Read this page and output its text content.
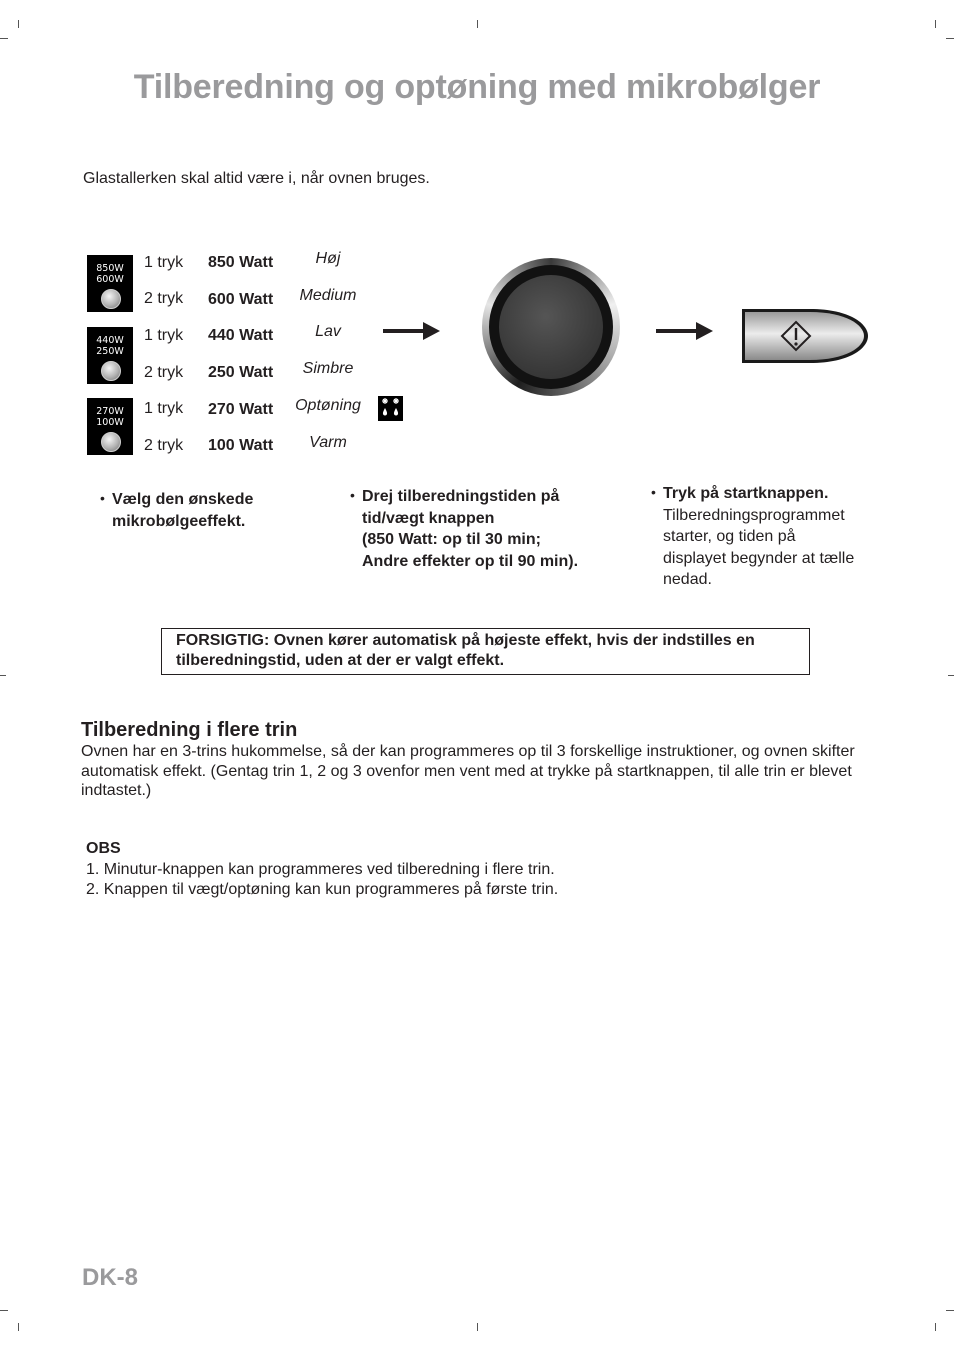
Tilberedning og optøning med mikrobølger
Glastallerken skal altid være i, når ovnen bruges.
850W
600W
440W
250W
270W
100W
1 tryk 850 Watt	Høj
2 tryk 600 Watt	Medium
1 tryk 440 Watt	Lav
2 tryk 250 Watt	Simbre
1 tryk 270 Watt	Optøning
2 tryk 100 Watt	Varm
• Vælg den ønskede
mikrobølgeeffekt.
• Drej tilberedningstiden på
tid/vægt knappen
(850 Watt: op til 30 min;
Andre effekter op til 90 min).
• Tryk på startknappen.
Tilberedningsprogrammet
starter, og tiden på
displayet begynder at tælle
nedad.
FORSIGTIG: Ovnen kører automatisk på højeste effekt, hvis der indstilles en tilberedningstid, uden at der er valgt effekt.
Tilberedning i flere trin
Ovnen har en 3-trins hukommelse, så der kan programmeres op til 3 forskellige instruktioner, og ovnen skifter automatisk effekt. (Gentag trin 1, 2 og 3 ovenfor men vent med at trykke på startknappen, til alle trin er blevet indtastet.)
OBS
1. Minutur-knappen kan programmeres ved tilberedning i flere trin.
2. Knappen til vægt/optøning kan kun programmeres på første trin.
DK-8
